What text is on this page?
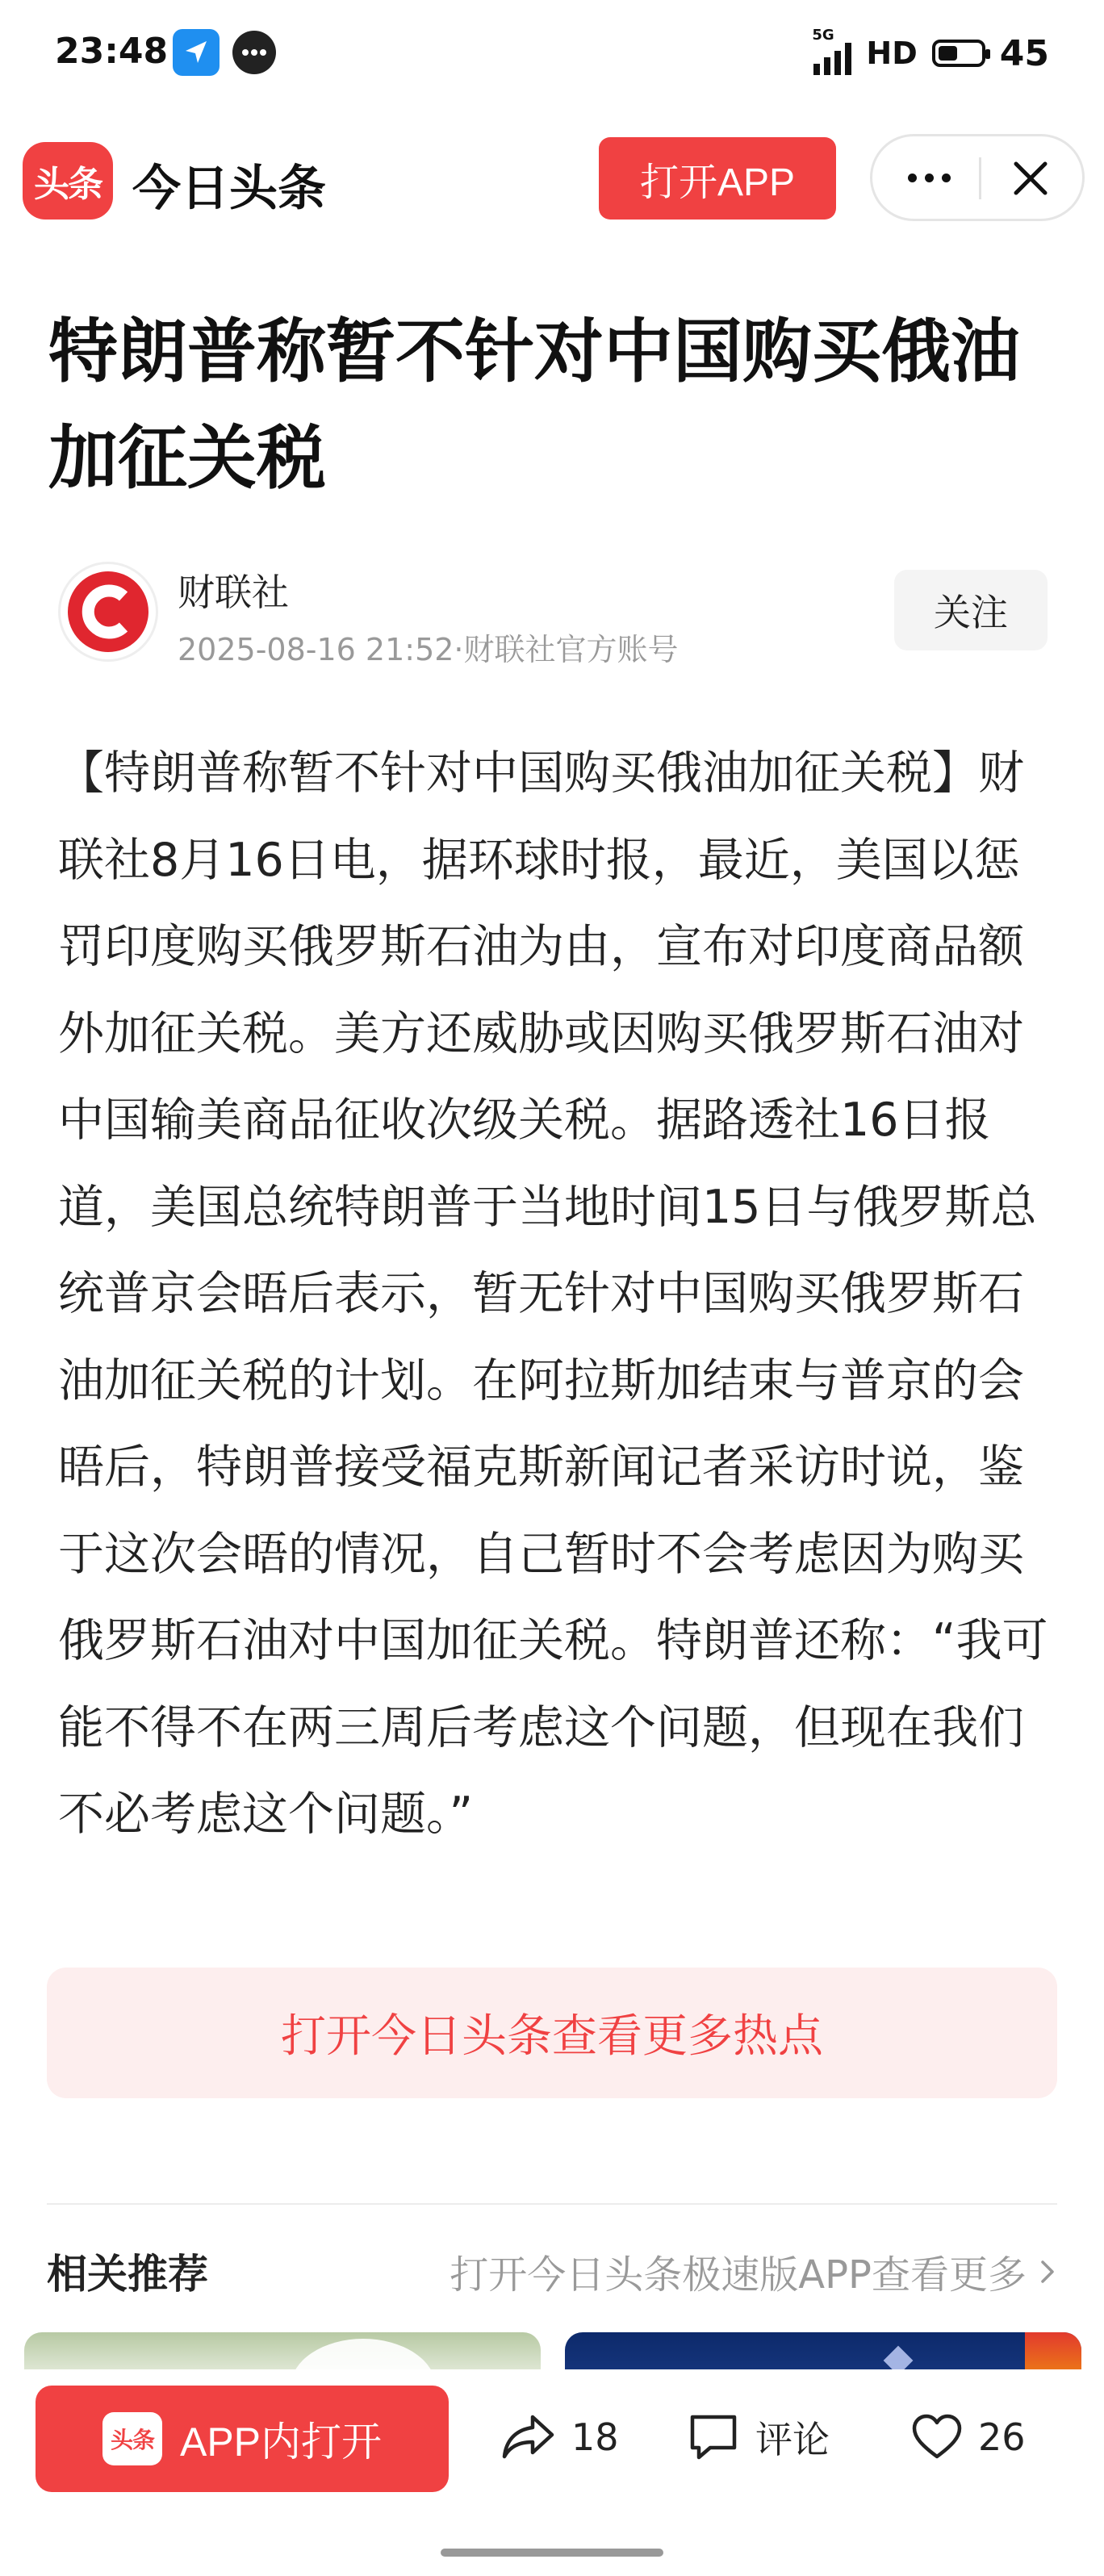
23:48	5G
HD 45
头条 今日头条	打开APP
特朗普称暂不针对中国购买俄油加征关税
财联社
2025-08-16 21:52·财联社官方账号
关注

【特朗普称暂不针对中国购买俄油加征关税】财联社8月16日电，据环球时报，最近，美国以惩罚印度购买俄罗斯石油为由，宣布对印度商品额外加征关税。美方还威胁或因购买俄罗斯石油对中国输美商品征收次级关税。据路透社16日报道，美国总统特朗普于当地时间15日与俄罗斯总统普京会晤后表示，暂无针对中国购买俄罗斯石油加征关税的计划。在阿拉斯加结束与普京的会晤后，特朗普接受福克斯新闻记者采访时说，鉴于这次会晤的情况，自己暂时不会考虑因为购买俄罗斯石油对中国加征关税。特朗普还称：“我可能不得不在两三周后考虑这个问题，但现在我们不必考虑这个问题。”

打开今日头条查看更多热点
相关推荐	打开今日头条极速版APP查看更多
头条 APP内打开	18	评论	26
